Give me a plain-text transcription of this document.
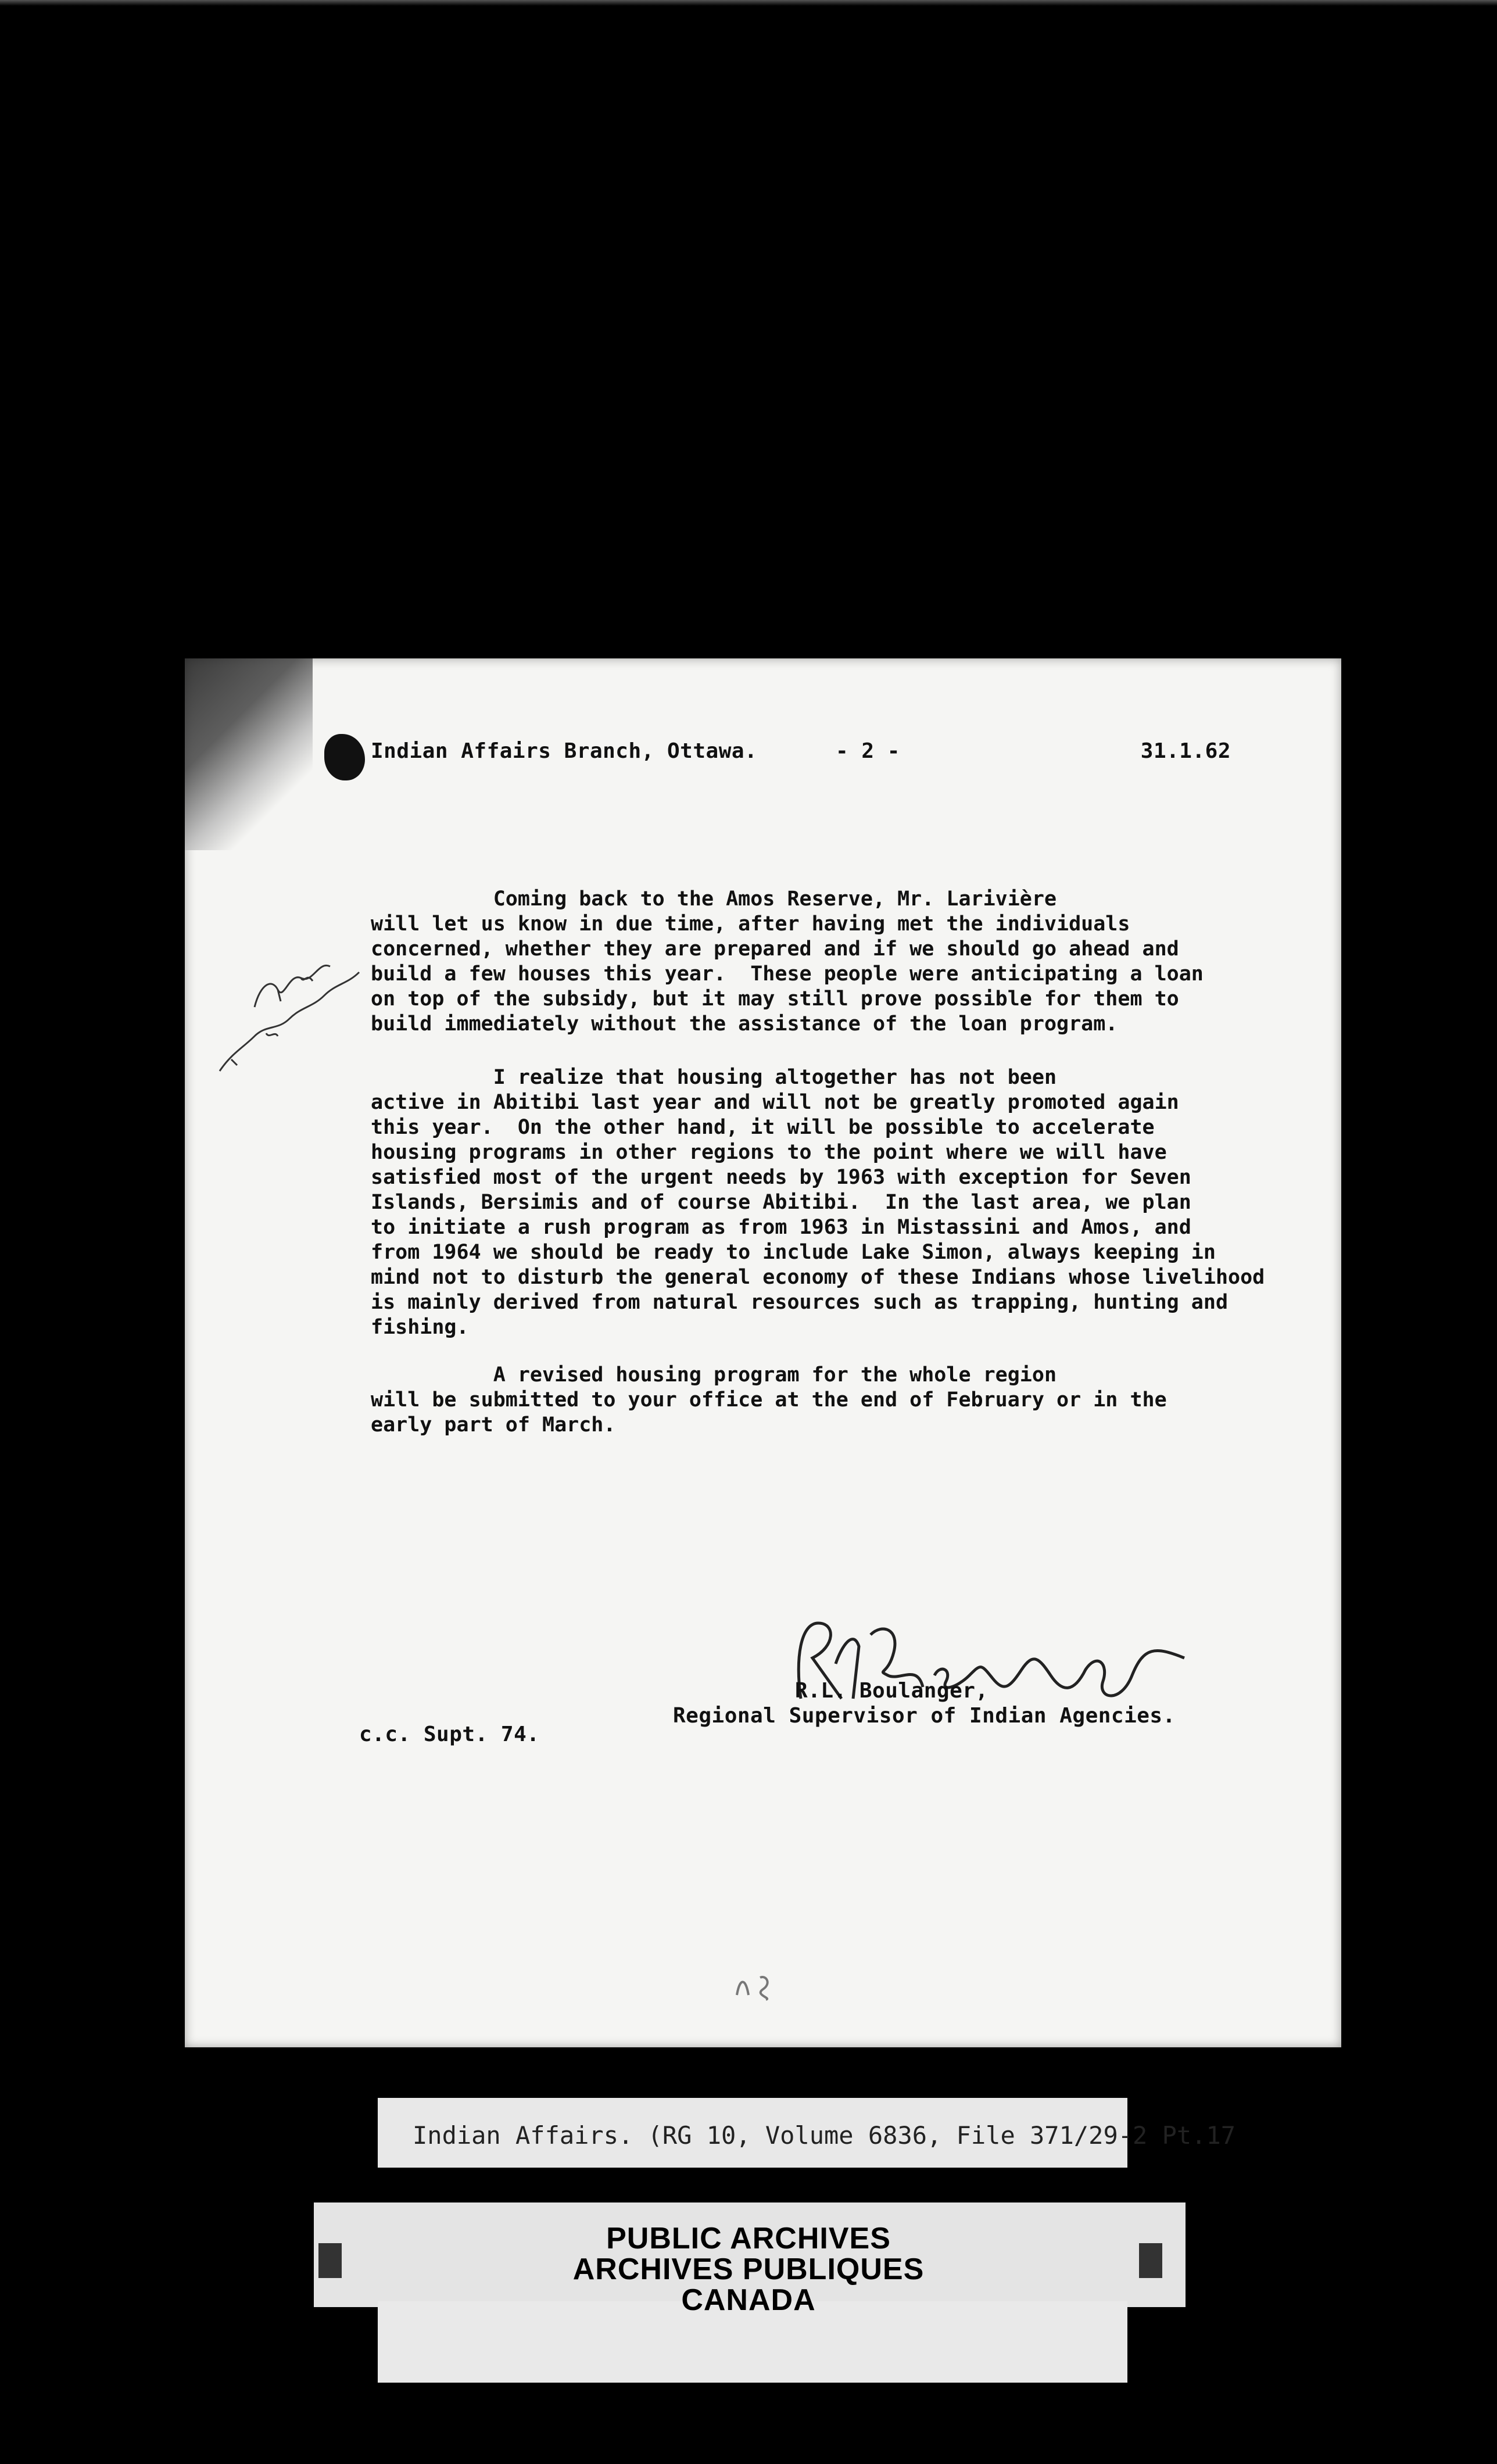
Indian Affairs Branch, Ottawa.	- 2 -	31.1.62
Coming back to the Amos Reserve, Mr. Larivière
will let us know in due time, after having met the individuals
concerned, whether they are prepared and if we should go ahead and
build a few houses this year.  These people were anticipating a loan
on top of the subsidy, but it may still prove possible for them to
build immediately without the assistance of the loan program.
I realize that housing altogether has not been
active in Abitibi last year and will not be greatly promoted again
this year.  On the other hand, it will be possible to accelerate
housing programs in other regions to the point where we will have
satisfied most of the urgent needs by 1963 with exception for Seven
Islands, Bersimis and of course Abitibi.  In the last area, we plan
to initiate a rush program as from 1963 in Mistassini and Amos, and
from 1964 we should be ready to include Lake Simon, always keeping in
mind not to disturb the general economy of these Indians whose livelihood
is mainly derived from natural resources such as trapping, hunting and
fishing.
A revised housing program for the whole region
will be submitted to your office at the end of February or in the
early part of March.
R.L. Boulanger,
Regional Supervisor of Indian Agencies.
c.c. Supt. 74.
Indian Affairs. (RG 10, Volume 6836, File 371/29-2 Pt.17
PUBLIC ARCHIVES
ARCHIVES PUBLIQUES
CANADA
